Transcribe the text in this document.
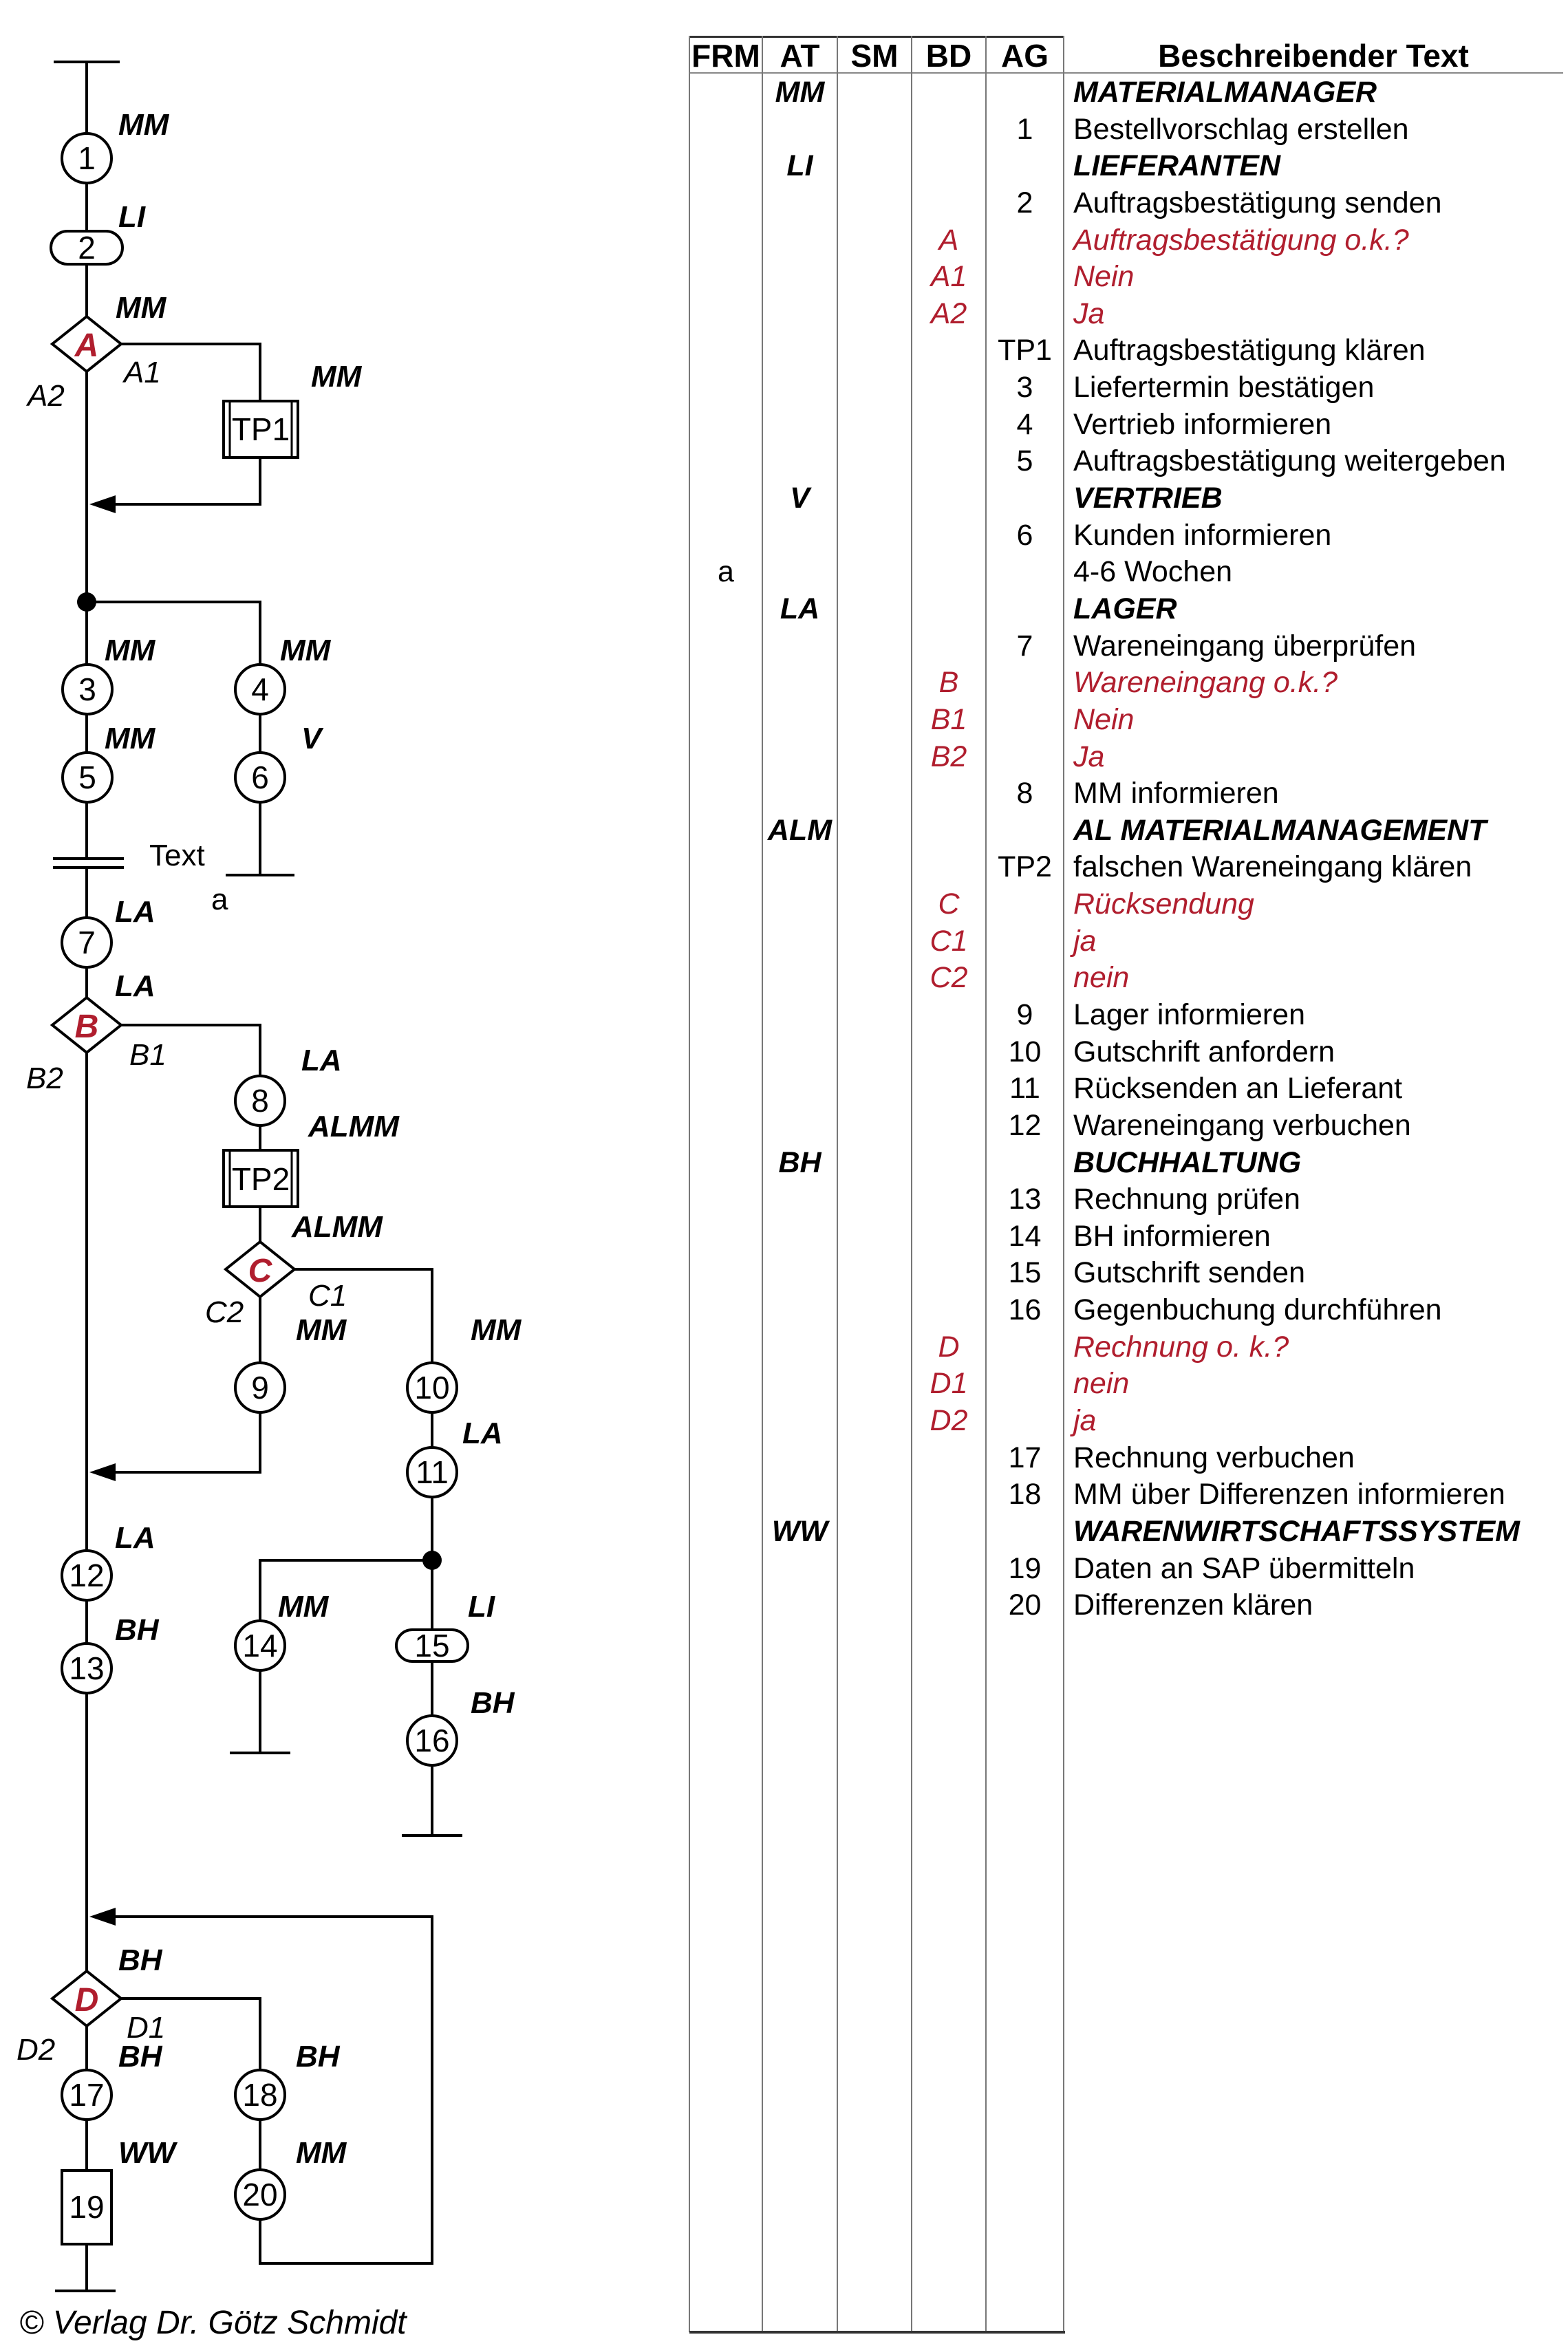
© Verlag Dr. Götz Schmidt
MM
LI
MM
A1
A2
MM
MM	MM
MM	V
Text
a
LA
LA
B1
B2
LA
ALMM
ALMM
C1
C2
MM	MM
LA
LA
BH
MM	LI
BH
BH
D1
D2 BH	BH
WW	MM
1
2
3	4
5	6
7
8
9	10
11
12
13
14	15
16
17	18
19	20
TP1
TP2
A
B
C
D
FRM AT SM BD AG	Beschreibender Text
MM	MATERIALMANAGER
1	Bestellvorschlag erstellen
LI	LIEFERANTEN
2	Auftragsbestätigung senden
A	Auftragsbestätigung o.k.?
A1	Nein
A2	Ja
TP1 Auftragsbestätigung klären
3	Liefertermin bestätigen
4	Vertrieb informieren
5	Auftragsbestätigung weitergeben
V	VERTRIEB
6	Kunden informieren
a	4-6 Wochen
LA	LAGER
7	Wareneingang überprüfen
B	Wareneingang o.k.?
B1	Nein
B2	Ja
8	MM informieren
ALM	AL MATERIALMANAGEMENT
TP2 falschen Wareneingang klären
C	Rücksendung
C1	ja
C2	nein
9	Lager informieren
10	Gutschrift anfordern
11	Rücksenden an Lieferant
12	Wareneingang verbuchen
BH	BUCHHALTUNG
13	Rechnung prüfen
14	BH informieren
15	Gutschrift senden
16	Gegenbuchung durchführen
D	Rechnung o. k.?
D1	nein
D2	ja
17	Rechnung verbuchen
18	MM über Differenzen informieren
WW	WARENWIRTSCHAFTSSYSTEM
19	Daten an SAP übermitteln
20	Differenzen klären
